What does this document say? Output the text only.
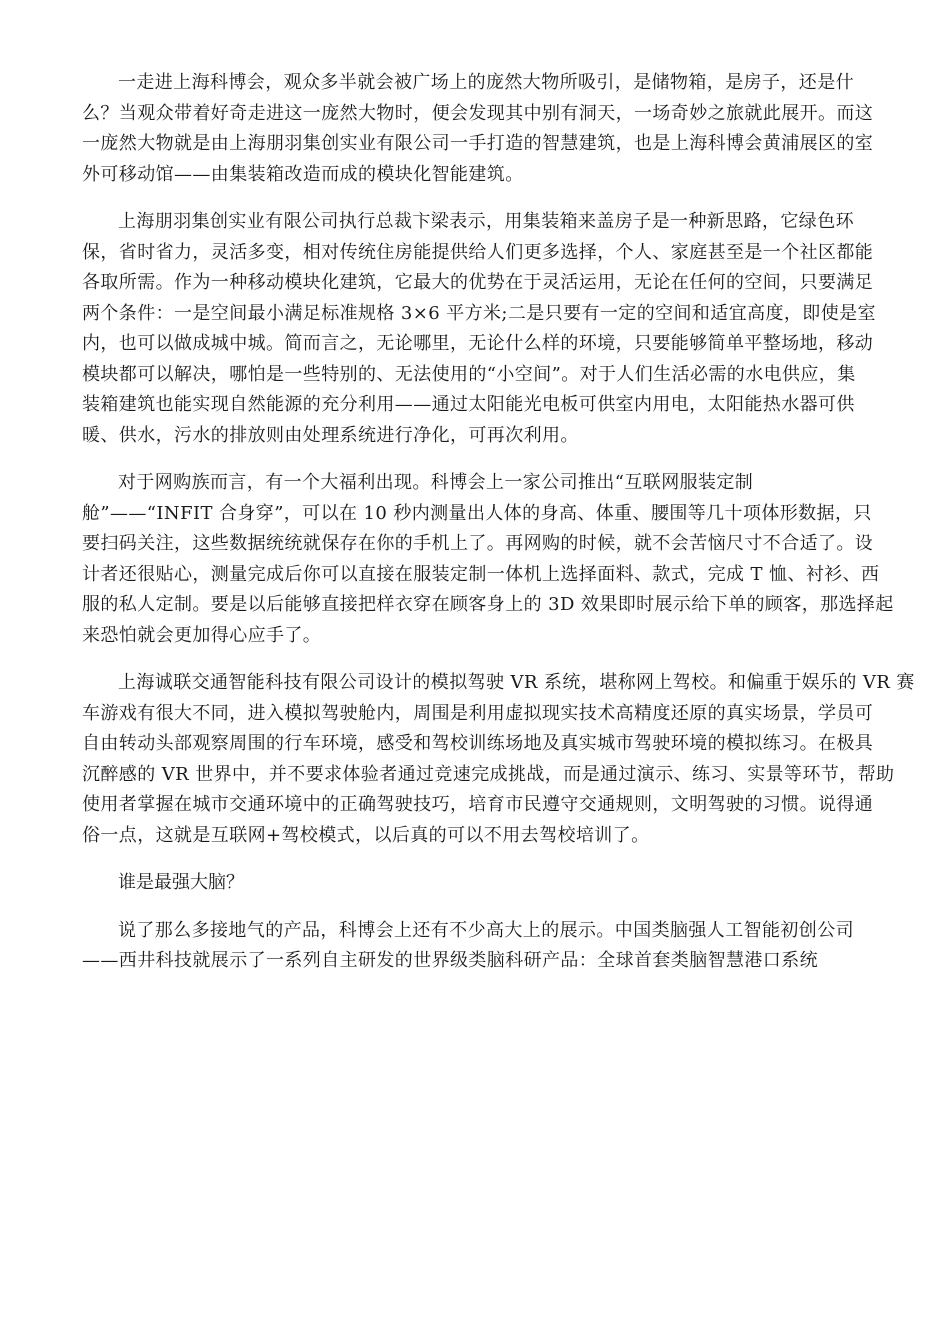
一走进上海科博会，观众多半就会被广场上的庞然大物所吸引，是储物箱，是房子，还是什
么？当观众带着好奇走进这一庞然大物时，便会发现其中别有洞天，一场奇妙之旅就此展开。而这
一庞然大物就是由上海朋羽集创实业有限公司一手打造的智慧建筑，也是上海科博会黄浦展区的室
外可移动馆——由集装箱改造而成的模块化智能建筑。
上海朋羽集创实业有限公司执行总裁卞梁表示，用集装箱来盖房子是一种新思路，它绿色环
保，省时省力，灵活多变，相对传统住房能提供给人们更多选择，个人、家庭甚至是一个社区都能
各取所需。作为一种移动模块化建筑，它最大的优势在于灵活运用，无论在任何的空间，只要满足
两个条件：一是空间最小满足标准规格 3×6 平方米;二是只要有一定的空间和适宜高度，即使是室
内，也可以做成城中城。简而言之，无论哪里，无论什么样的环境，只要能够简单平整场地，移动
模块都可以解决，哪怕是一些特别的、无法使用的“小空间”。对于人们生活必需的水电供应，集
装箱建筑也能实现自然能源的充分利用——通过太阳能光电板可供室内用电，太阳能热水器可供
暖、供水，污水的排放则由处理系统进行净化，可再次利用。
对于网购族而言，有一个大福利出现。科博会上一家公司推出“互联网服装定制
舱”——“INFIT 合身穿”，可以在 10 秒内测量出人体的身高、体重、腰围等几十项体形数据，只
要扫码关注，这些数据统统就保存在你的手机上了。再网购的时候，就不会苦恼尺寸不合适了。设
计者还很贴心，测量完成后你可以直接在服装定制一体机上选择面料、款式，完成 T 恤、衬衫、西
服的私人定制。要是以后能够直接把样衣穿在顾客身上的 3D 效果即时展示给下单的顾客，那选择起
来恐怕就会更加得心应手了。
上海诚联交通智能科技有限公司设计的模拟驾驶 VR 系统，堪称网上驾校。和偏重于娱乐的 VR 赛
车游戏有很大不同，进入模拟驾驶舱内，周围是利用虚拟现实技术高精度还原的真实场景，学员可
自由转动头部观察周围的行车环境，感受和驾校训练场地及真实城市驾驶环境的模拟练习。在极具
沉醉感的 VR 世界中，并不要求体验者通过竞速完成挑战，而是通过演示、练习、实景等环节，帮助
使用者掌握在城市交通环境中的正确驾驶技巧，培育市民遵守交通规则，文明驾驶的习惯。说得通
俗一点，这就是互联网+驾校模式，以后真的可以不用去驾校培训了。
谁是最强大脑？
说了那么多接地气的产品，科博会上还有不少高大上的展示。中国类脑强人工智能初创公司
——西井科技就展示了一系列自主研发的世界级类脑科研产品：全球首套类脑智慧港口系统
